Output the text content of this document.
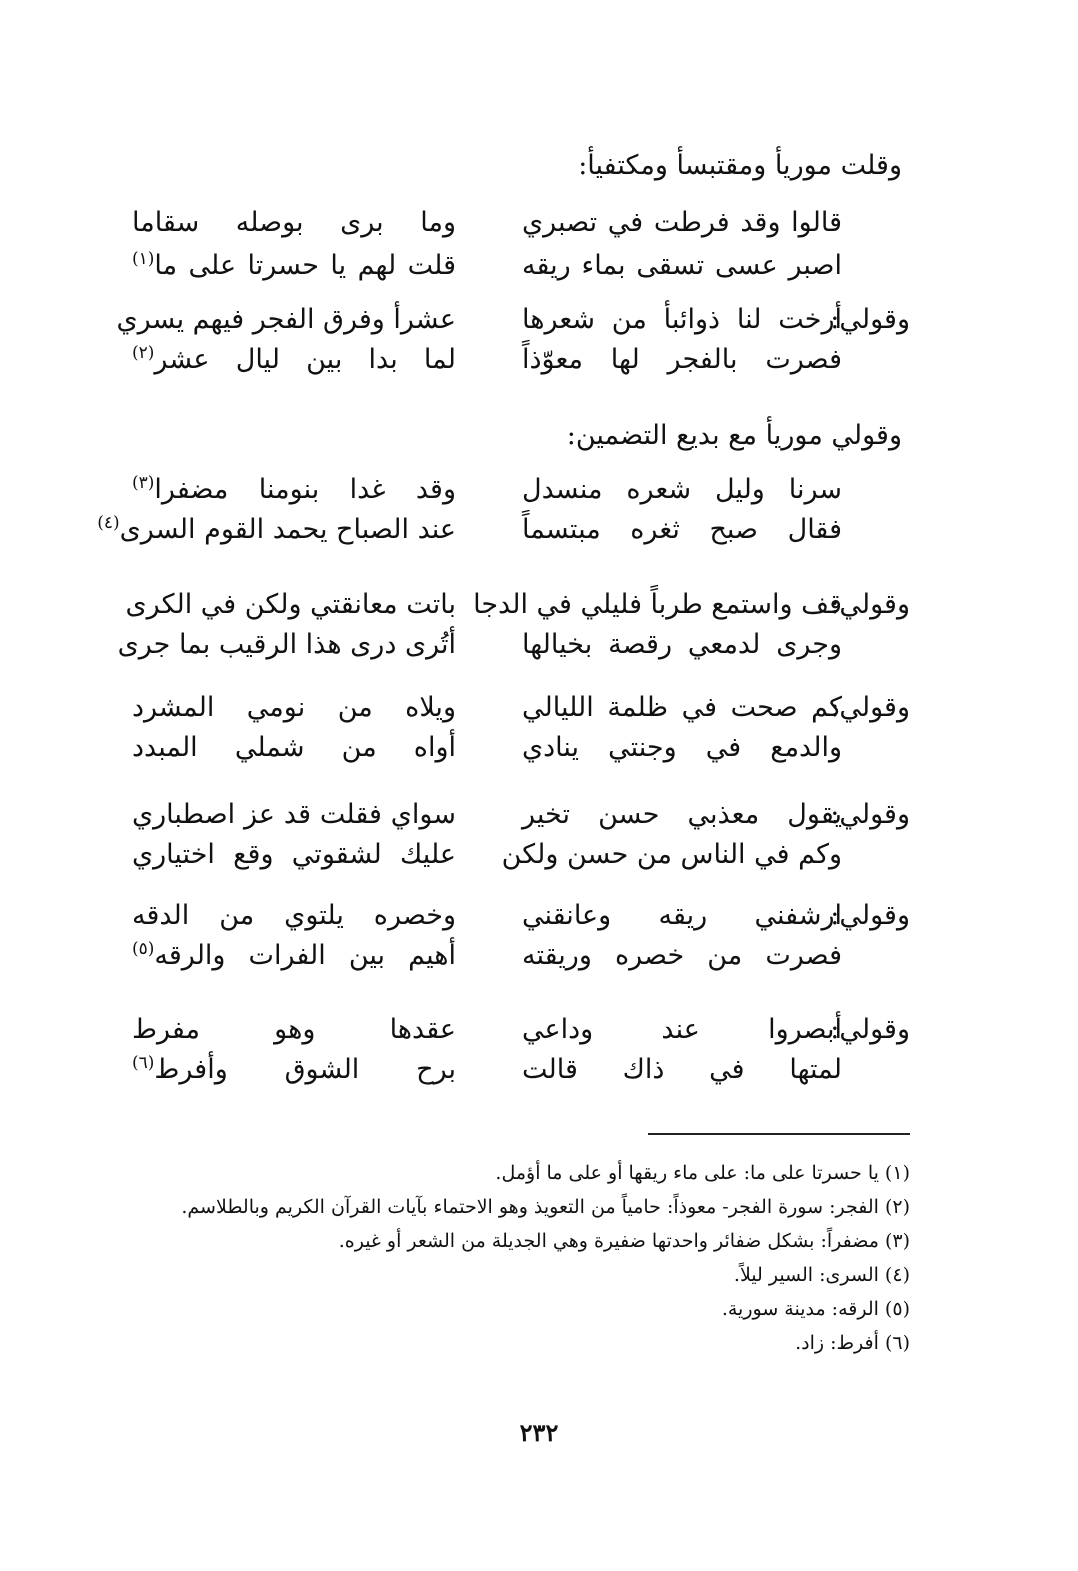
وقلت موريأ ومقتبسأ ومكتفيأ:
قالوا وقد فرطت في تصبري
وما برى بوصله سقاما
اصبر عسى تسقى بماء ريقه
قلت لهم يا حسرتا على ما$^{(١)}$
وقولي:
أرخت لنا ذوائبأ من شعرها
عشرأ وفرق الفجر فيهم يسري
فصرت بالفجر لها معوّذاً
لما بدا بين ليال عشر$^{(٢)}$
وقولي موريأ مع بديع التضمين:
سرنا وليل شعره منسدل
وقد غدا بنومنا مضفرا$^{(٣)}$
فقال صبح ثغره مبتسماً
عند الصباح يحمد القوم السرى$^{(٤)}$
وقولي:
قف واستمع طرباً فليلي في الدجا
باتت معانقتي ولكن في الكرى
وجرى لدمعي رقصة بخيالها
أتُرى درى هذا الرقيب بما جرى
وقولي:
كم صحت في ظلمة الليالي
ويلاه من نومي المشرد
والدمع في وجنتي ينادي
أواه من شملي المبدد
وقولي:
يقول معذبي حسن تخير
سواي فقلت قد عز اصطباري
وكم في الناس من حسن ولكن
عليك لشقوتي وقع اختياري
وقولي:
ارشفني ريقه وعانقني
وخصره يلتوي من الدقه
فصرت من خصره وريقته
أهيم بين الفرات والرقه$^{(٥)}$
وقولي:
أبصروا عند وداعي
عقدها وهو مفرط
لمتها في ذاك قالت
برح الشوق وأفرط$^{(٦)}$
(١) يا حسرتا على ما: على ماء ريقها أو على ما أؤمل.
(٢) الفجر: سورة الفجر- معوذاً: حامياً من التعويذ وهو الاحتماء بآيات القرآن الكريم وبالطلاسم.
(٣) مضفراً: بشكل ضفائر واحدتها ضفيرة وهي الجديلة من الشعر أو غيره.
(٤) السرى: السير ليلاً.
(٥) الرقه: مدينة سورية.
(٦) أفرط: زاد.
٢٣٢
